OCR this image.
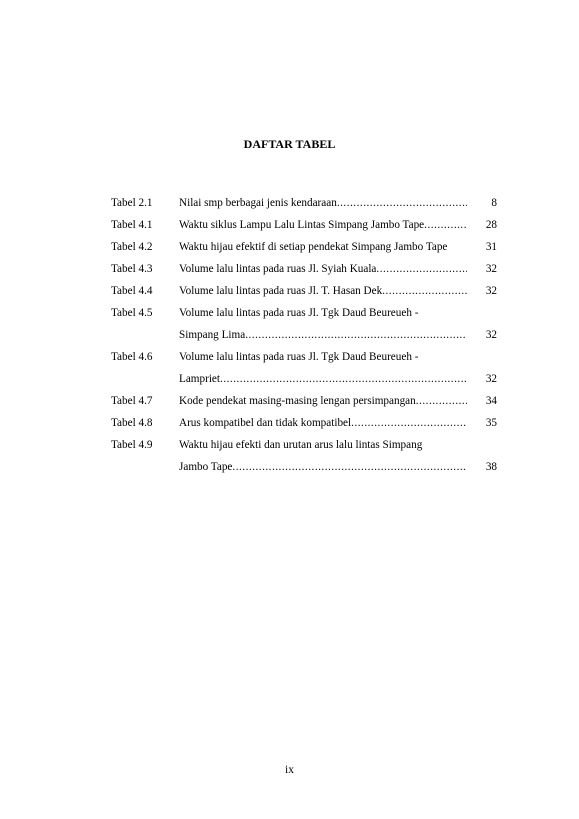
DAFTAR TABEL
Tabel 2.1	Nilai smp berbagai jenis kendaraan .....	8
Tabel 4.1	Waktu siklus Lampu Lalu Lintas Simpang Jambo Tape .....	28
Tabel 4.2	Waktu hijau efektif di setiap pendekat Simpang Jambo Tape	31
Tabel 4.3	Volume lalu lintas pada ruas Jl. Syiah Kuala .....	32
Tabel 4.4	Volume lalu lintas pada ruas Jl. T. Hasan Dek .....	32
Tabel 4.5	Volume lalu lintas pada ruas Jl. Tgk Daud Beureueh -
Simpang Lima .....	32
Tabel 4.6	Volume lalu lintas pada ruas Jl. Tgk Daud Beureueh -
Lampriet .....	32
Tabel 4.7	Kode pendekat masing-masing lengan persimpangan .....	34
Tabel 4.8	Arus kompatibel dan tidak kompatibel .....	35
Tabel 4.9	Waktu hijau efekti dan urutan arus lalu lintas Simpang
Jambo Tape .....	38
ix
